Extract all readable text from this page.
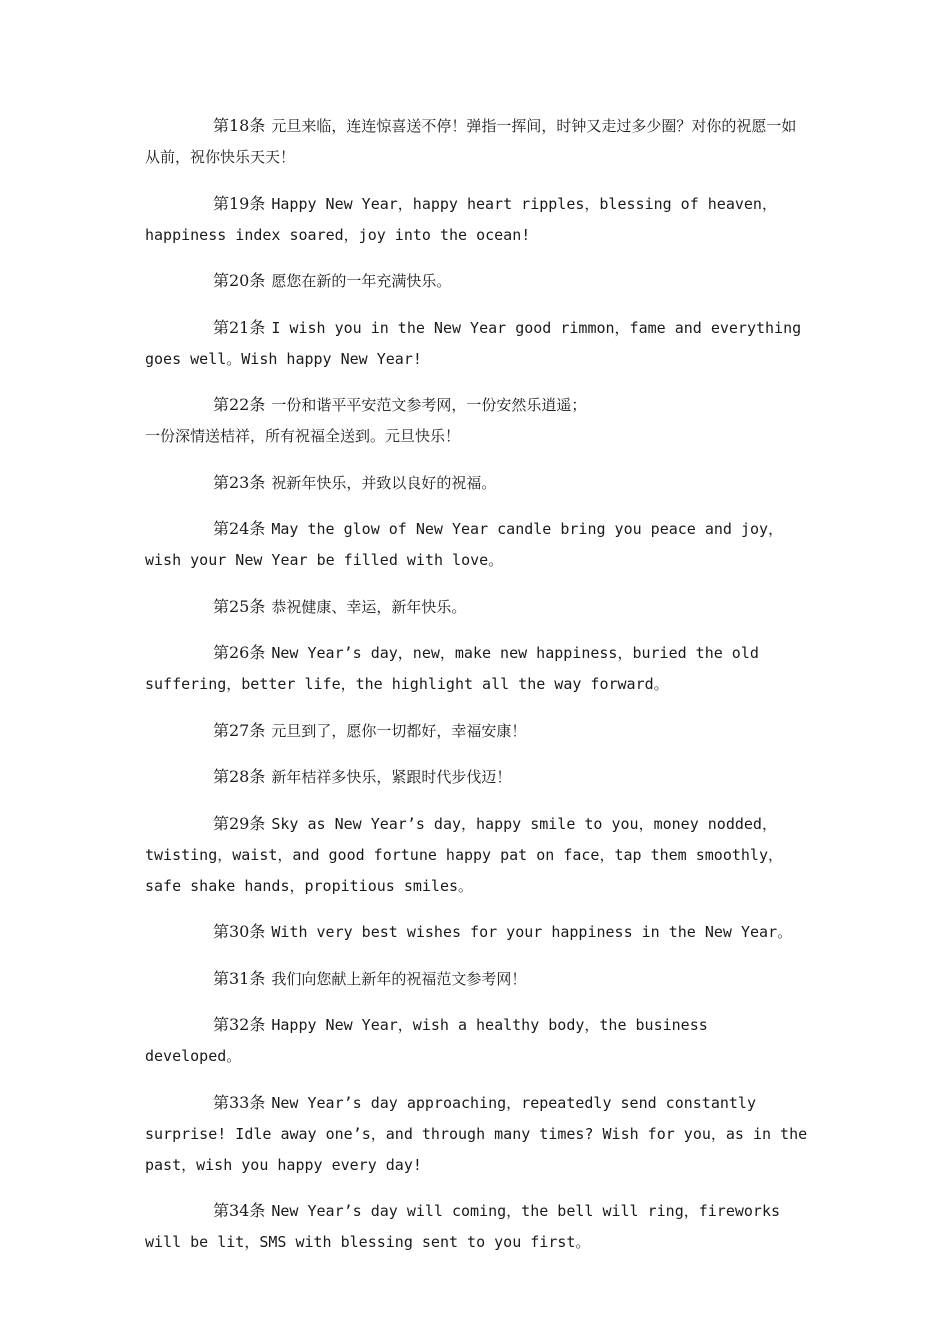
第18条 元旦来临，连连惊喜送不停！弹指一挥间，时钟又走过多少圈？对你的祝愿一如从前，祝你快乐天天！

第19条 Happy New Year，happy heart ripples，blessing of heaven，happiness index soared，joy into the ocean!

第20条 愿您在新的一年充满快乐。

第21条 I wish you in the New Year good rimmon，fame and everything goes well。Wish happy New Year!

第22条 一份和谐平平安范文参考网，一份安然乐逍遥；
一份深情送桔祥，所有祝福全送到。元旦快乐！

第23条 祝新年快乐，并致以良好的祝福。

第24条 May the glow of New Year candle bring you peace and joy，wish your New Year be filled with love。

第25条 恭祝健康、幸运，新年快乐。

第26条 New Year’s day，new，make new happiness，buried the old suffering，better life，the highlight all the way forward。

第27条 元旦到了，愿你一切都好，幸福安康！

第28条 新年桔祥多快乐，紧跟时代步伐迈！

第29条 Sky as New Year’s day，happy smile to you，money nodded，twisting，waist，and good fortune happy pat on face，tap them smoothly，safe shake hands，propitious smiles。

第30条 With very best wishes for your happiness in the New Year。

第31条 我们向您献上新年的祝福范文参考网！

第32条 Happy New Year，wish a healthy body，the business developed。

第33条 New Year’s day approaching，repeatedly send constantly surprise! Idle away one’s，and through many times? Wish for you，as in the past，wish you happy every day!

第34条 New Year’s day will coming，the bell will ring，fireworks will be lit，SMS with blessing sent to you first。
